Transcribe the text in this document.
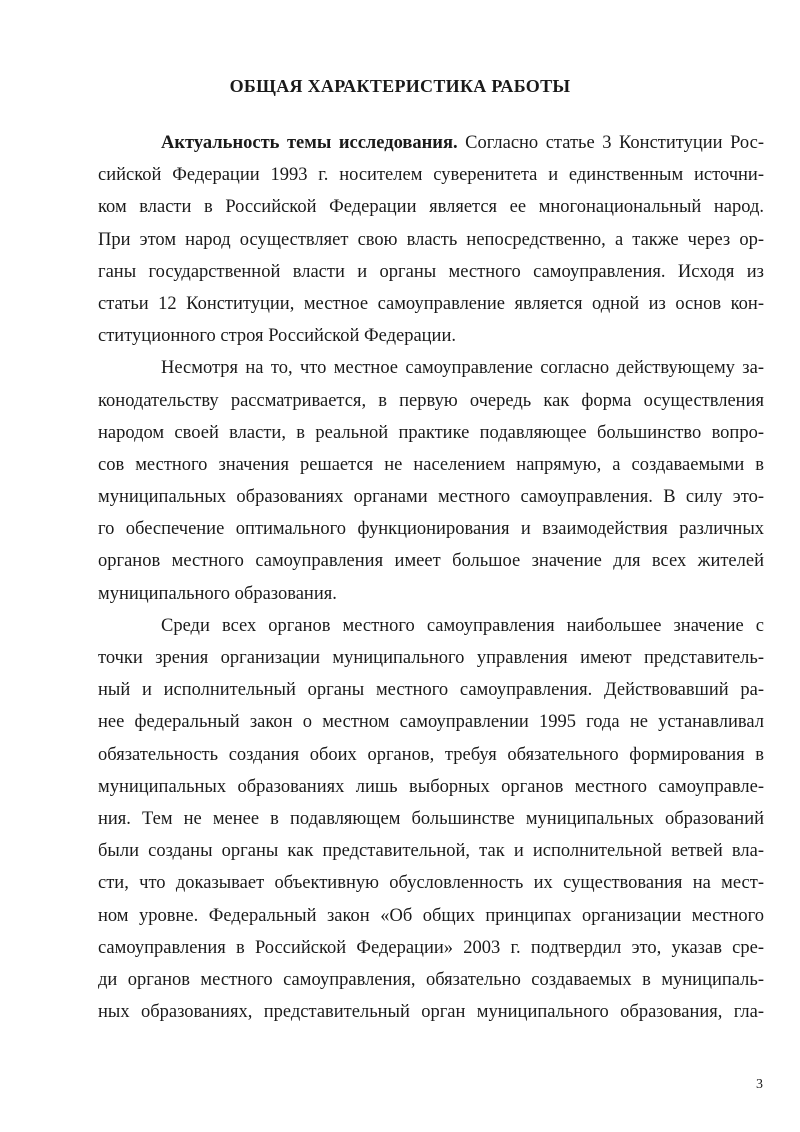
ОБЩАЯ ХАРАКТЕРИСТИКА РАБОТЫ
Актуальность темы исследования. Согласно статье 3 Конституции Рос-
сийской Федерации 1993 г. носителем суверенитета и единственным источни-
ком власти в Российской Федерации является ее многонациональный народ.
При этом народ осуществляет свою власть непосредственно, а также через ор-
ганы государственной власти и органы местного самоуправления. Исходя из
статьи 12 Конституции, местное самоуправление является одной из основ кон-
ституционного строя Российской Федерации.
Несмотря на то, что местное самоуправление согласно действующему за-
конодательству рассматривается, в первую очередь как форма осуществления
народом своей власти, в реальной практике подавляющее большинство вопро-
сов местного значения решается не населением напрямую, а создаваемыми в
муниципальных образованиях органами местного самоуправления. В силу это-
го обеспечение оптимального функционирования и взаимодействия различных
органов местного самоуправления имеет большое значение для всех жителей
муниципального образования.
Среди всех органов местного самоуправления наибольшее значение с
точки зрения организации муниципального управления имеют представитель-
ный и исполнительный органы местного самоуправления. Действовавший ра-
нее федеральный закон о местном самоуправлении 1995 года не устанавливал
обязательность создания обоих органов, требуя обязательного формирования в
муниципальных образованиях лишь выборных органов местного самоуправле-
ния. Тем не менее в подавляющем большинстве муниципальных образований
были созданы органы как представительной, так и исполнительной ветвей вла-
сти, что доказывает объективную обусловленность их существования на мест-
ном уровне. Федеральный закон «Об общих принципах организации местного
самоуправления в Российской Федерации» 2003 г. подтвердил это, указав сре-
ди органов местного самоуправления, обязательно создаваемых в муниципаль-
ных образованиях, представительный орган муниципального образования, гла-
3
